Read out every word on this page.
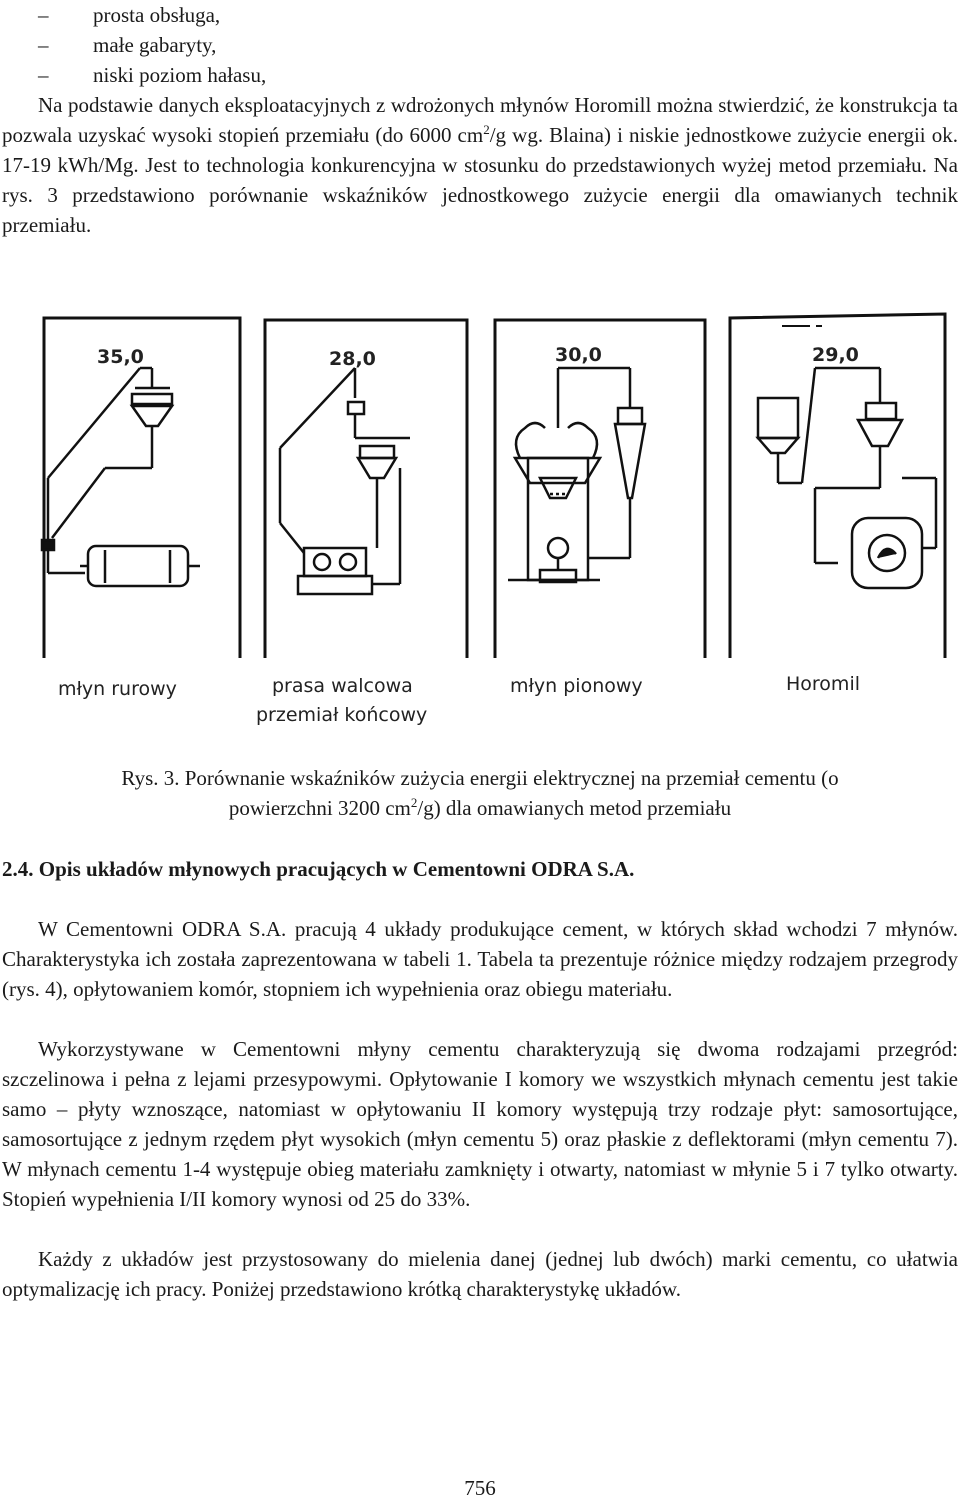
–	prosta obsługa,
–	małe gabaryty,
–	niski poziom hałasu,

Na podstawie danych eksploatacyjnych z wdrożonych młynów Horomill można stwierdzić, że konstrukcja ta pozwala uzyskać wysoki stopień przemiału (do 6000 $cm^2/g$ wg. Blaina) i niskie jednostkowe zużycie energii ok. 17-19 kWh/Mg. Jest to technologia konkurencyjna w stosunku do przedstawionych wyżej metod przemiału. Na rys. 3 przedstawiono porównanie wskaźników jednostkowego zużycie energii dla omawianych technik przemiału.

35,0	28,0	30,0	29,0
młyn rurowy	prasa walcowa
przemiał końcowy
młyn pionowy	Horomil
Rys. 3. Porównanie wskaźników zużycia energii elektrycznej na przemiał cementu (o
powierzchni 3200 $cm^2/g$) dla omawianych metod przemiału
2.4. Opis układów młynowych pracujących w Cementowni ODRA S.A.

W Cementowni ODRA S.A. pracują 4 układy produkujące cement, w których skład wchodzi 7 młynów. Charakterystyka ich została zaprezentowana w tabeli 1. Tabela ta prezentuje różnice między rodzajem przegrody (rys. 4), opłytowaniem komór, stopniem ich wypełnienia oraz obiegu materiału.

Wykorzystywane w Cementowni młyny cementu charakteryzują się dwoma rodzajami przegród: szczelinowa i pełna z lejami przesypowymi. Opłytowanie I komory we wszystkich młynach cementu jest takie samo – płyty wznoszące, natomiast w opłytowaniu II komory występują trzy rodzaje płyt: samosortujące, samosortujące z jednym rzędem płyt wysokich (młyn cementu 5) oraz płaskie z deflektorami (młyn cementu 7). W młynach cementu 1-4 występuje obieg materiału zamknięty i otwarty, natomiast w młynie 5 i 7 tylko otwarty. Stopień wypełnienia I/II komory wynosi od 25 do 33%.

Każdy z układów jest przystosowany do mielenia danej (jednej lub dwóch) marki cementu, co ułatwia optymalizację ich pracy. Poniżej przedstawiono krótką charakterystykę układów.

756
